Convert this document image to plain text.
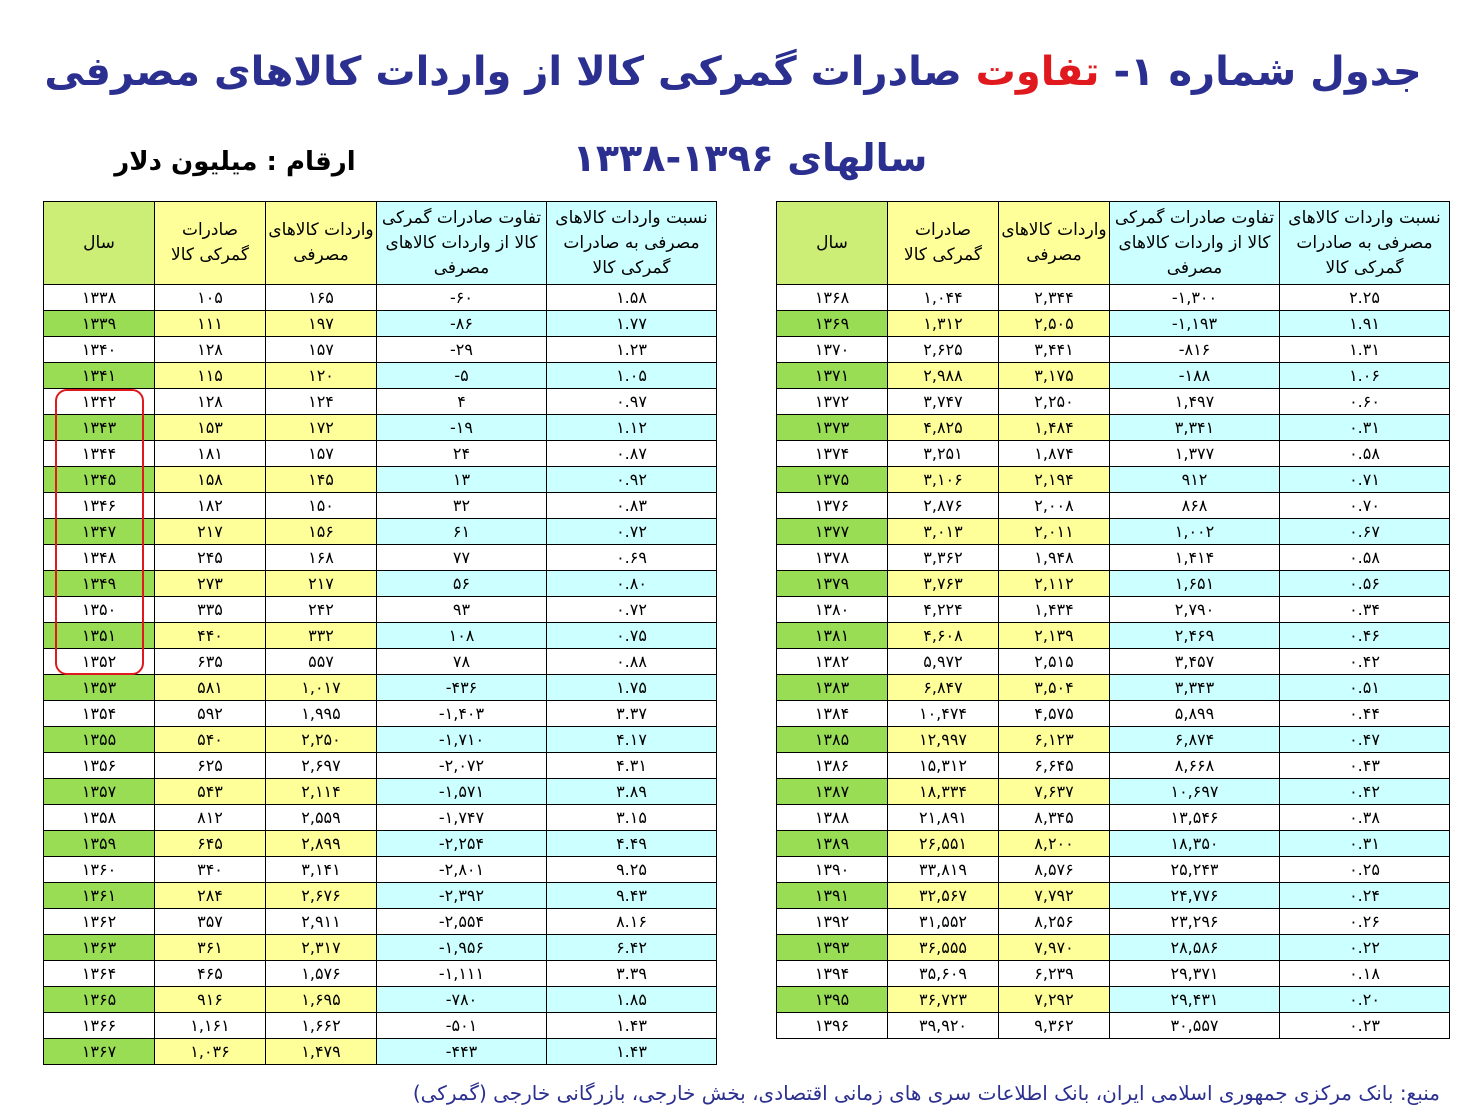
جدول شماره ۱- تفاوت صادرات گمرکی کالا از واردات کالاهای مصرفی
سالهای ۱۳۹۶-۱۳۳۸
ارقام : میلیون دلار
سال	صادرات گمرکی کالا	واردات کالاهای مصرفی	تفاوت صادرات گمرکی کالا از واردات کالاهای مصرفی	نسبت واردات کالاهای مصرفی به صادرات گمرکی کالا
۱۳۳۸	۱۰۵	۱۶۵	-۶۰	۱.۵۸
۱۳۳۹	۱۱۱	۱۹۷	-۸۶	۱.۷۷
۱۳۴۰	۱۲۸	۱۵۷	-۲۹	۱.۲۳
۱۳۴۱	۱۱۵	۱۲۰	-۵	۱.۰۵
۱۳۴۲	۱۲۸	۱۲۴	۴	۰.۹۷
۱۳۴۳	۱۵۳	۱۷۲	-۱۹	۱.۱۲
۱۳۴۴	۱۸۱	۱۵۷	۲۴	۰.۸۷
۱۳۴۵	۱۵۸	۱۴۵	۱۳	۰.۹۲
۱۳۴۶	۱۸۲	۱۵۰	۳۲	۰.۸۳
۱۳۴۷	۲۱۷	۱۵۶	۶۱	۰.۷۲
۱۳۴۸	۲۴۵	۱۶۸	۷۷	۰.۶۹
۱۳۴۹	۲۷۳	۲۱۷	۵۶	۰.۸۰
۱۳۵۰	۳۳۵	۲۴۲	۹۳	۰.۷۲
۱۳۵۱	۴۴۰	۳۳۲	۱۰۸	۰.۷۵
۱۳۵۲	۶۳۵	۵۵۷	۷۸	۰.۸۸
۱۳۵۳	۵۸۱	۱,۰۱۷	-۴۳۶	۱.۷۵
۱۳۵۴	۵۹۲	۱,۹۹۵	-۱,۴۰۳	۳.۳۷
۱۳۵۵	۵۴۰	۲,۲۵۰	-۱,۷۱۰	۴.۱۷
۱۳۵۶	۶۲۵	۲,۶۹۷	-۲,۰۷۲	۴.۳۱
۱۳۵۷	۵۴۳	۲,۱۱۴	-۱,۵۷۱	۳.۸۹
۱۳۵۸	۸۱۲	۲,۵۵۹	-۱,۷۴۷	۳.۱۵
۱۳۵۹	۶۴۵	۲,۸۹۹	-۲,۲۵۴	۴.۴۹
۱۳۶۰	۳۴۰	۳,۱۴۱	-۲,۸۰۱	۹.۲۵
۱۳۶۱	۲۸۴	۲,۶۷۶	-۲,۳۹۲	۹.۴۳
۱۳۶۲	۳۵۷	۲,۹۱۱	-۲,۵۵۴	۸.۱۶
۱۳۶۳	۳۶۱	۲,۳۱۷	-۱,۹۵۶	۶.۴۲
۱۳۶۴	۴۶۵	۱,۵۷۶	-۱,۱۱۱	۳.۳۹
۱۳۶۵	۹۱۶	۱,۶۹۵	-۷۸۰	۱.۸۵
۱۳۶۶	۱,۱۶۱	۱,۶۶۲	-۵۰۱	۱.۴۳
۱۳۶۷	۱,۰۳۶	۱,۴۷۹	-۴۴۳	۱.۴۳
سال	صادرات گمرکی کالا	واردات کالاهای مصرفی	تفاوت صادرات گمرکی کالا از واردات کالاهای مصرفی	نسبت واردات کالاهای مصرفی به صادرات گمرکی کالا
۱۳۶۸	۱,۰۴۴	۲,۳۴۴	-۱,۳۰۰	۲.۲۵
۱۳۶۹	۱,۳۱۲	۲,۵۰۵	-۱,۱۹۳	۱.۹۱
۱۳۷۰	۲,۶۲۵	۳,۴۴۱	-۸۱۶	۱.۳۱
۱۳۷۱	۲,۹۸۸	۳,۱۷۵	-۱۸۸	۱.۰۶
۱۳۷۲	۳,۷۴۷	۲,۲۵۰	۱,۴۹۷	۰.۶۰
۱۳۷۳	۴,۸۲۵	۱,۴۸۴	۳,۳۴۱	۰.۳۱
۱۳۷۴	۳,۲۵۱	۱,۸۷۴	۱,۳۷۷	۰.۵۸
۱۳۷۵	۳,۱۰۶	۲,۱۹۴	۹۱۲	۰.۷۱
۱۳۷۶	۲,۸۷۶	۲,۰۰۸	۸۶۸	۰.۷۰
۱۳۷۷	۳,۰۱۳	۲,۰۱۱	۱,۰۰۲	۰.۶۷
۱۳۷۸	۳,۳۶۲	۱,۹۴۸	۱,۴۱۴	۰.۵۸
۱۳۷۹	۳,۷۶۳	۲,۱۱۲	۱,۶۵۱	۰.۵۶
۱۳۸۰	۴,۲۲۴	۱,۴۳۴	۲,۷۹۰	۰.۳۴
۱۳۸۱	۴,۶۰۸	۲,۱۳۹	۲,۴۶۹	۰.۴۶
۱۳۸۲	۵,۹۷۲	۲,۵۱۵	۳,۴۵۷	۰.۴۲
۱۳۸۳	۶,۸۴۷	۳,۵۰۴	۳,۳۴۳	۰.۵۱
۱۳۸۴	۱۰,۴۷۴	۴,۵۷۵	۵,۸۹۹	۰.۴۴
۱۳۸۵	۱۲,۹۹۷	۶,۱۲۳	۶,۸۷۴	۰.۴۷
۱۳۸۶	۱۵,۳۱۲	۶,۶۴۵	۸,۶۶۸	۰.۴۳
۱۳۸۷	۱۸,۳۳۴	۷,۶۳۷	۱۰,۶۹۷	۰.۴۲
۱۳۸۸	۲۱,۸۹۱	۸,۳۴۵	۱۳,۵۴۶	۰.۳۸
۱۳۸۹	۲۶,۵۵۱	۸,۲۰۰	۱۸,۳۵۰	۰.۳۱
۱۳۹۰	۳۳,۸۱۹	۸,۵۷۶	۲۵,۲۴۳	۰.۲۵
۱۳۹۱	۳۲,۵۶۷	۷,۷۹۲	۲۴,۷۷۶	۰.۲۴
۱۳۹۲	۳۱,۵۵۲	۸,۲۵۶	۲۳,۲۹۶	۰.۲۶
۱۳۹۳	۳۶,۵۵۵	۷,۹۷۰	۲۸,۵۸۶	۰.۲۲
۱۳۹۴	۳۵,۶۰۹	۶,۲۳۹	۲۹,۳۷۱	۰.۱۸
۱۳۹۵	۳۶,۷۲۳	۷,۲۹۲	۲۹,۴۳۱	۰.۲۰
۱۳۹۶	۳۹,۹۲۰	۹,۳۶۲	۳۰,۵۵۷	۰.۲۳
منبع: بانک مرکزی جمهوری اسلامی ایران، بانک اطلاعات سری های زمانی اقتصادی، بخش خارجی، بازرگانی خارجی (گمرکی)
